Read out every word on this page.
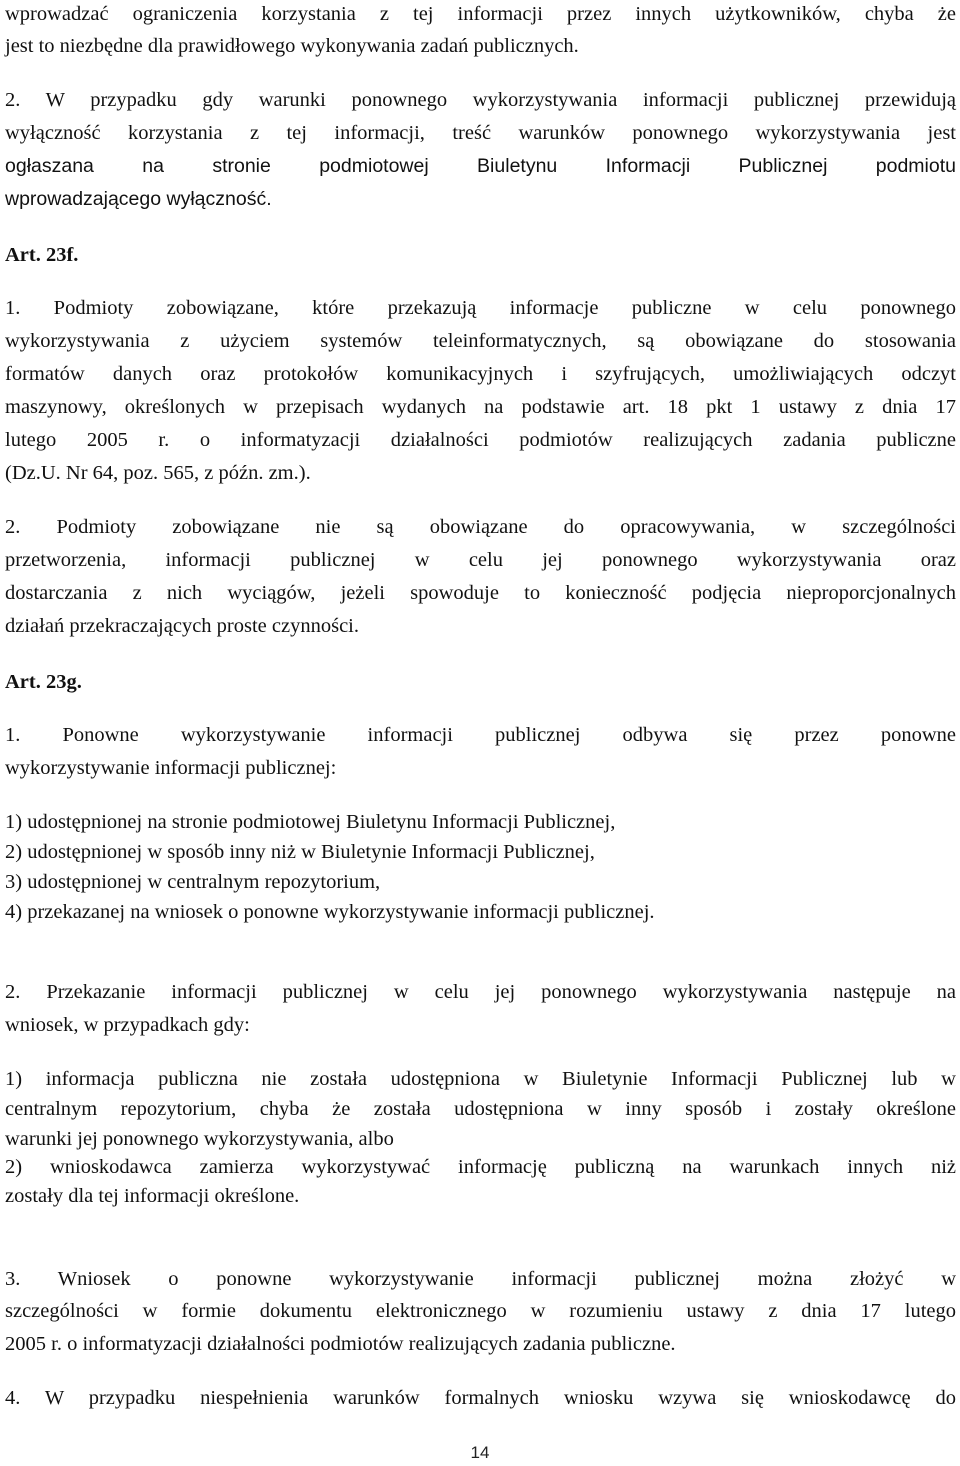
wprowadzać ograniczenia korzystania z tej informacji przez innych użytkowników, chyba że

jest to niezbędne dla prawidłowego wykonywania zadań publicznych.

2. W przypadku gdy warunki ponownego wykorzystywania informacji publicznej przewidują

wyłączność korzystania z tej informacji, treść warunków ponownego wykorzystywania jest

ogłaszana na stronie podmiotowej Biuletynu Informacji Publicznej podmiotu

wprowadzającego wyłączność.

Art. 23f.

1. Podmioty zobowiązane, które przekazują informacje publiczne w celu ponownego

wykorzystywania z użyciem systemów teleinformatycznych, są obowiązane do stosowania

formatów danych oraz protokołów komunikacyjnych i szyfrujących, umożliwiających odczyt

maszynowy, określonych w przepisach wydanych na podstawie art. 18 pkt 1 ustawy z dnia 17

lutego 2005 r. o informatyzacji działalności podmiotów realizujących zadania publiczne

(Dz.U. Nr 64, poz. 565, z późn. zm.).

2. Podmioty zobowiązane nie są obowiązane do opracowywania, w szczególności

przetworzenia, informacji publicznej w celu jej ponownego wykorzystywania oraz

dostarczania z nich wyciągów, jeżeli spowoduje to konieczność podjęcia nieproporcjonalnych

działań przekraczających proste czynności.

Art. 23g.

1. Ponowne wykorzystywanie informacji publicznej odbywa się przez ponowne

wykorzystywanie informacji publicznej:

1) udostępnionej na stronie podmiotowej Biuletynu Informacji Publicznej,

2) udostępnionej w sposób inny niż w Biuletynie Informacji Publicznej,

3) udostępnionej w centralnym repozytorium,

4) przekazanej na wniosek o ponowne wykorzystywanie informacji publicznej.

2. Przekazanie informacji publicznej w celu jej ponownego wykorzystywania następuje na

wniosek, w przypadkach gdy:

1) informacja publiczna nie została udostępniona w Biuletynie Informacji Publicznej lub w

centralnym repozytorium, chyba że została udostępniona w inny sposób i zostały określone

warunki jej ponownego wykorzystywania, albo

2) wnioskodawca zamierza wykorzystywać informację publiczną na warunkach innych niż

zostały dla tej informacji określone.

3. Wniosek o ponowne wykorzystywanie informacji publicznej można złożyć w

szczególności w formie dokumentu elektronicznego w rozumieniu ustawy z dnia 17 lutego

2005 r. o informatyzacji działalności podmiotów realizujących zadania publiczne.

4. W przypadku niespełnienia warunków formalnych wniosku wzywa się wnioskodawcę do

14
